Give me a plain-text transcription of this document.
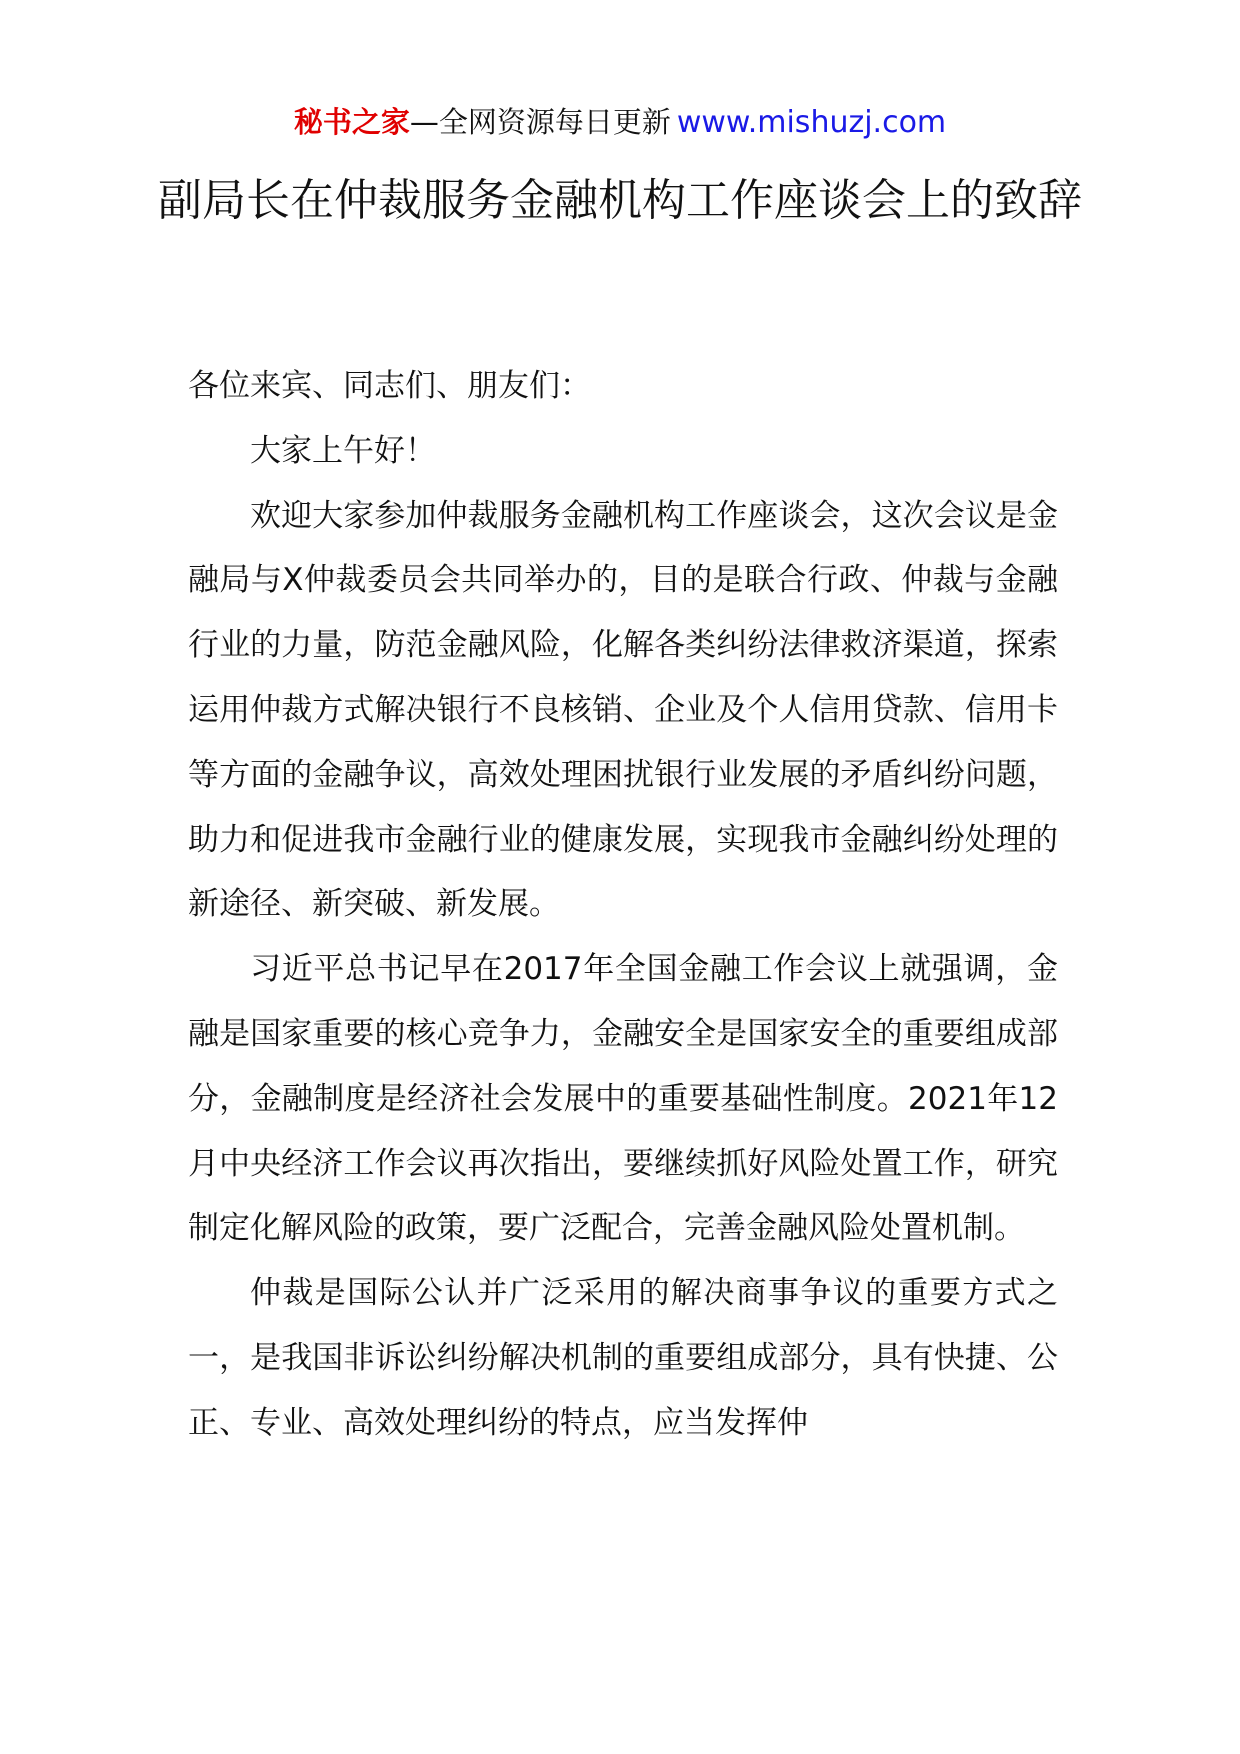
秘书之家—全网资源每日更新 www.mishuzj.com
副局长在仲裁服务金融机构工作座谈会上的致辞

各位来宾、同志们、朋友们：

大家上午好！

欢迎大家参加仲裁服务金融机构工作座谈会，这次会议是金融局与X仲裁委员会共同举办的，目的是联合行政、仲裁与金融行业的力量，防范金融风险，化解各类纠纷法律救济渠道，探索运用仲裁方式解决银行不良核销、企业及个人信用贷款、信用卡等方面的金融争议，高效处理困扰银行业发展的矛盾纠纷问题，助力和促进我市金融行业的健康发展，实现我市金融纠纷处理的新途径、新突破、新发展。

习近平总书记早在2017年全国金融工作会议上就强调，金融是国家重要的核心竞争力，金融安全是国家安全的重要组成部分，金融制度是经济社会发展中的重要基础性制度。2021年12月中央经济工作会议再次指出，要继续抓好风险处置工作，研究制定化解风险的政策，要广泛配合，完善金融风险处置机制。

仲裁是国际公认并广泛采用的解决商事争议的重要方式之一，是我国非诉讼纠纷解决机制的重要组成部分，具有快捷、公正、专业、高效处理纠纷的特点，应当发挥仲
